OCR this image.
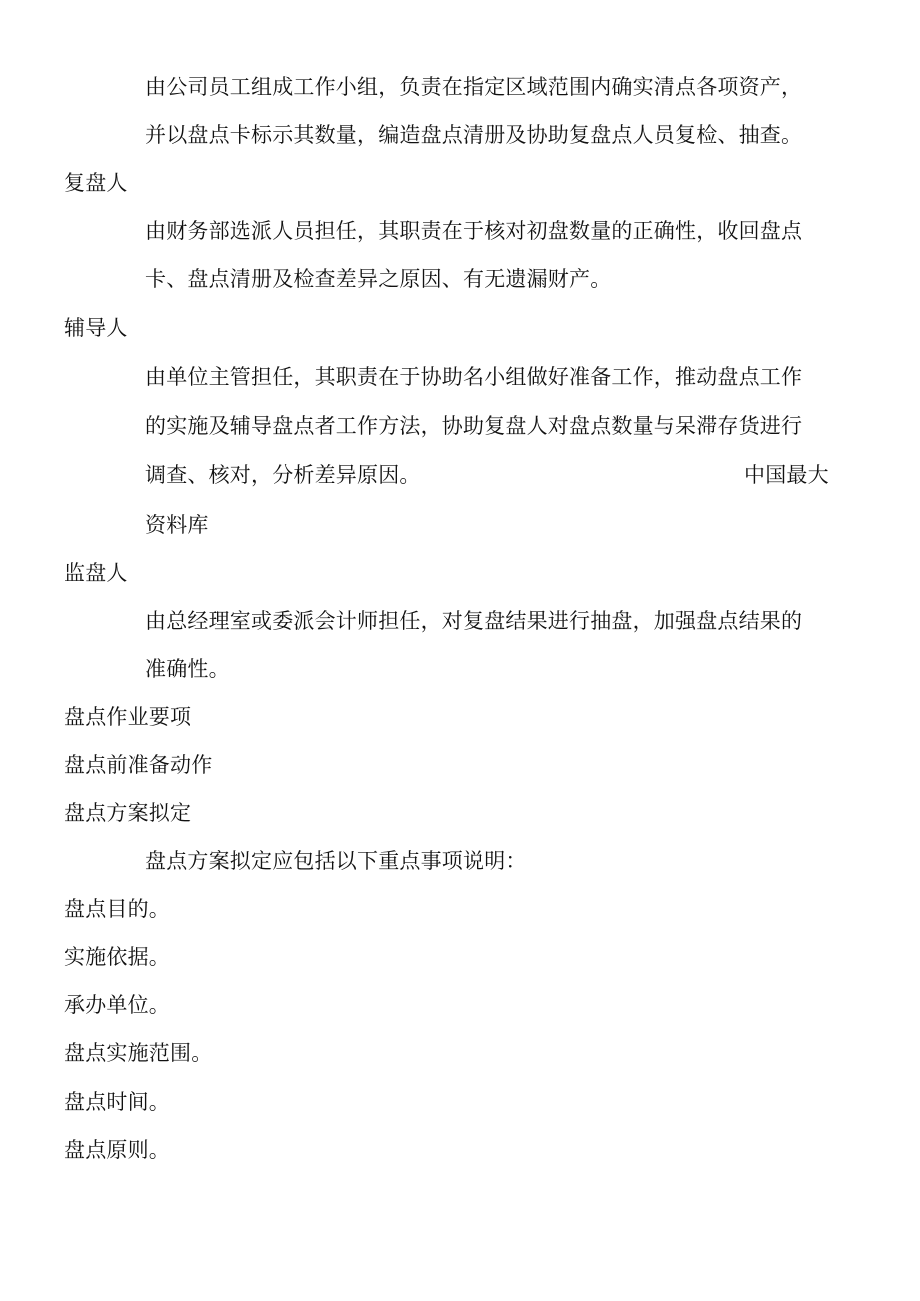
由公司员工组成工作小组，负责在指定区域范围内确实清点各项资产，
并以盘点卡标示其数量，编造盘点清册及协助复盘点人员复检、抽查。
复盘人
由财务部选派人员担任，其职责在于核对初盘数量的正确性，收回盘点
卡、盘点清册及检查差异之原因、有无遗漏财产。
辅导人
由单位主管担任，其职责在于协助名小组做好准备工作，推动盘点工作
的实施及辅导盘点者工作方法，协助复盘人对盘点数量与呆滞存货进行
调查、核对，分析差异原因。	中国最大
资料库
监盘人
由总经理室或委派会计师担任，对复盘结果进行抽盘，加强盘点结果的
准确性。
盘点作业要项
盘点前准备动作
盘点方案拟定
盘点方案拟定应包括以下重点事项说明：
盘点目的。
实施依据。
承办单位。
盘点实施范围。
盘点时间。
盘点原则。
